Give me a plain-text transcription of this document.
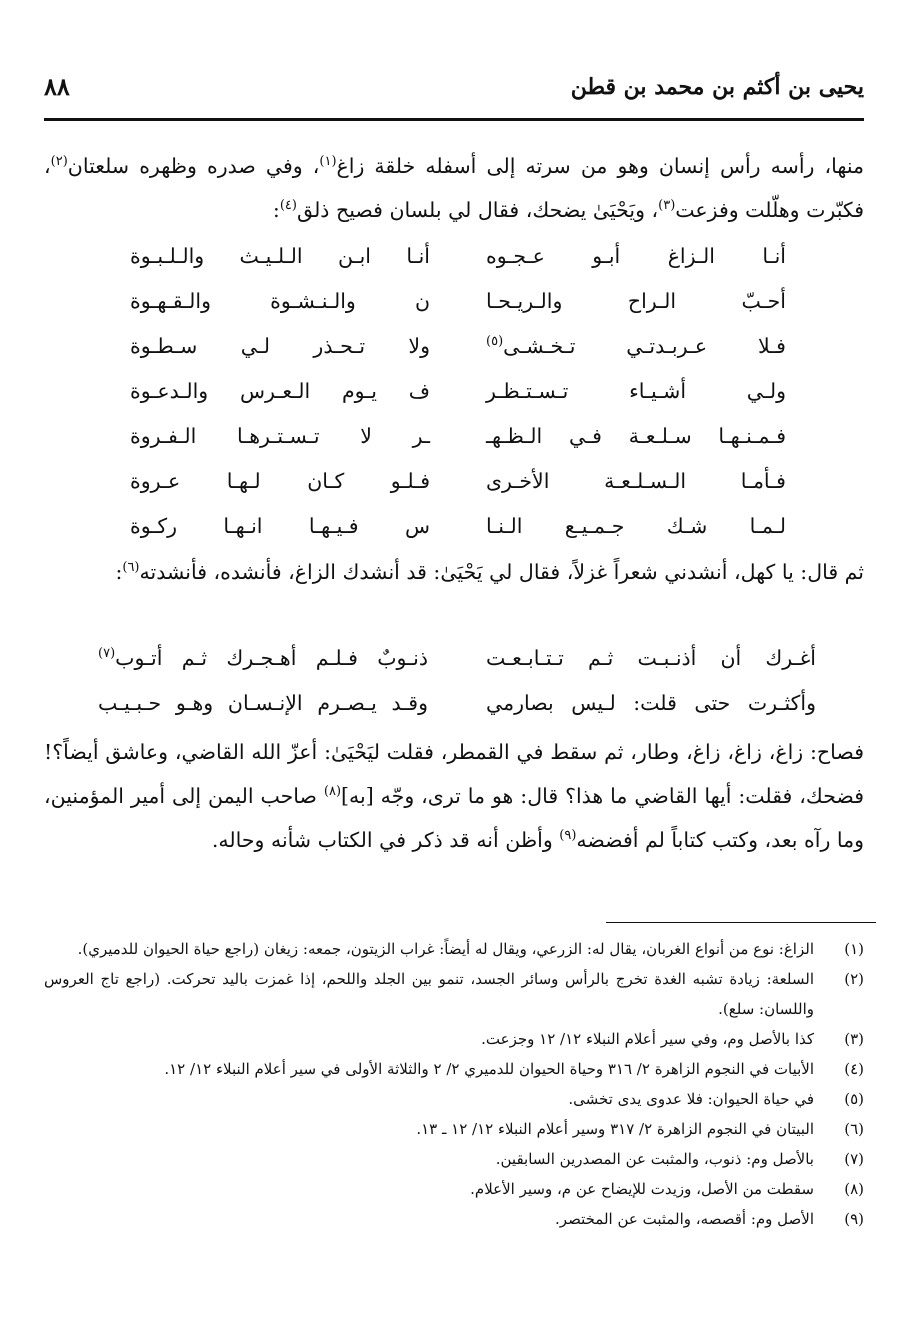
يحيى بن أكثم بن محمد بن قطن
٨٨
منها، رأسه رأس إنسان وهو من سرته إلى أسفله خلقة زاغ$^{(١)}$، وفي صدره وظهره سلعتان$^{(٢)}$، فكبّرت وهلّلت وفزعت$^{(٣)}$، ويَحْيَىٰ يضحك، فقال لي بلسان فصيح ذلق$^{(٤)}$:
أنـا الـزاغ أبـو عـجـوه
أنـا ابـن الـلـيـث والـلـبـوة
أحـبّ الـراح والـريـحـا
ن والـنـشـوة والـقـهـوة
فـلا عـربـدتـي تـخـشـى$^{(٥)}$
ولا تـحـذر لـي سـطـوة
ولـي أشـيـاء تـسـتـظـر
ف يـوم الـعـرس والـدعـوة
فـمـنـهـا سـلـعـة فـي الـظـهـ
ـر لا تـسـتـرهـا الـفـروة
فـأمـا الـسـلـعـة الأخـرى
فـلـو كـان لـهـا عـروة
لـمـا شـك جـمـيـع الـنـا
س فـيـهـا انـهـا ركـوة
ثم قال: يا كهل، أنشدني شعراً غزلاً، فقال لي يَحْيَىٰ: قد أنشدك الزاغ، فأنشده، فأنشدته$^{(٦)}$:
أغـرك أن أذنـبـت ثـم تـتـابـعـت
ذنـوبٌ فـلـم أهـجـرك ثـم أتـوب$^{(٧)}$
وأكثـرت حتى قلت: لـيس بصارمي
وقـد يـصـرم الإنـسـان وهـو حـبـيـب
فصاح: زاغ، زاغ، زاغ، وطار، ثم سقط في القمطر، فقلت ليَحْيَىٰ: أعزّ الله القاضي، وعاشق أيضاً؟! فضحك، فقلت: أيها القاضي ما هذا؟ قال: هو ما ترى، وجّه [به]$^{(٨)}$ صاحب اليمن إلى أمير المؤمنين، وما رآه بعد، وكتب كتاباً لم أفضضه$^{(٩)}$ وأظن أنه قد ذكر في الكتاب شأنه وحاله.
(١)
الزاغ: نوع من أنواع الغربان، يقال له: الزرعي، ويقال له أيضاً: غراب الزيتون، جمعه: زيغان (راجع حياة الحيوان للدميري).
(٢)
السلعة: زيادة تشبه الغدة تخرج بالرأس وسائر الجسد، تنمو بين الجلد واللحم، إذا غمزت باليد تحركت. (راجع تاج العروس واللسان: سلع).
(٣)
كذا بالأصل وم، وفي سير أعلام النبلاء ١٢/ ١٢ وجزعت.
(٤)
الأبيات في النجوم الزاهرة ٢/ ٣١٦ وحياة الحيوان للدميري ٢/ ٢ والثلاثة الأولى في سير أعلام النبلاء ١٢/ ١٢.
(٥)
في حياة الحيوان: فلا عدوى يدى تخشى.
(٦)
البيتان في النجوم الزاهرة ٢/ ٣١٧ وسير أعلام النبلاء ١٢/ ١٢ ـ ١٣.
(٧)
بالأصل وم: ذنوب، والمثبت عن المصدرين السابقين.
(٨)
سقطت من الأصل، وزيدت للإيضاح عن م، وسير الأعلام.
(٩)
الأصل وم: أقصصه، والمثبت عن المختصر.
